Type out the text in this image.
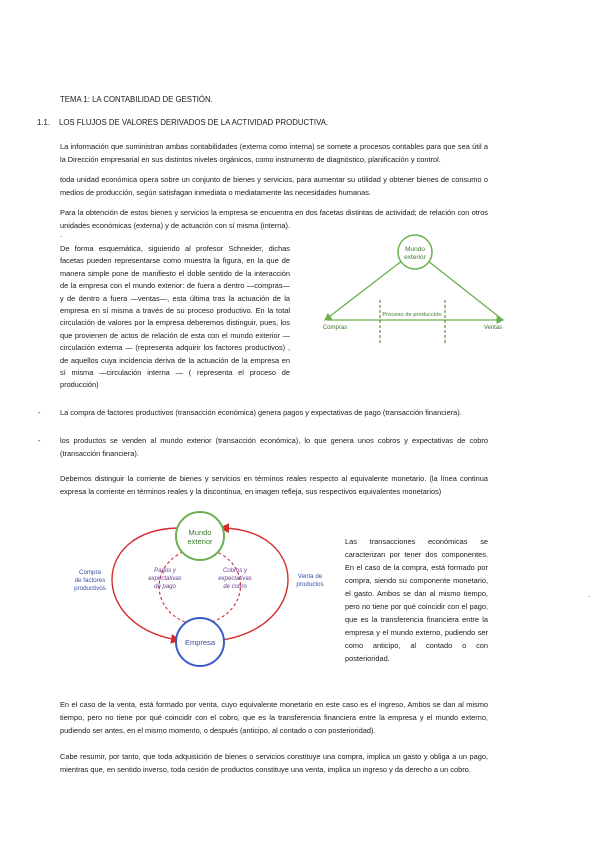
TEMA 1: LA CONTABILIDAD DE GESTIÓN.
1.1. LOS FLUJOS DE VALORES DERIVADOS DE LA ACTIVIDAD PRODUCTIVA.
La información que suministran ambas contabilidades (externa como interna) se somete a procesos contables para que sea útil a la Dirección empresarial en sus distintos niveles orgánicos, como instrumento de diagnóstico, planificación y control.
toda unidad económica opera sobre un conjunto de bienes y servicios, para aumentar su utilidad y obtener bienes de consumo o medios de producción, según satisfagan inmediata o mediatamente las necesidades humanas.
Para la obtención de estos bienes y servicios la empresa se encuentra en dos facetas distintas de actividad; de relación con otros unidades económicas (externa) y de actuación con sí misma (interna).
.
De forma esquemática, siguiendo al profesor Schneider, dichas facetas pueden representarse como muestra la figura, en la que de manera simple pone de manifiesto el doble sentido de la interacción de la empresa con el mundo exterior: de fuera a dentro —compras— y de dentro a fuera —ventas—, esta última tras la actuación de la empresa en sí misma a través de su proceso productivo. En la total circulación de valores por la empresa deberemos distinguir, pues, los que provienen de actos de relación de esta con el mundo exterior —circulación externa — (representa adquirir los factores productivos) , de aquellos cuya incidencia deriva de la actuación de la empresa en sí misma —circulación interna — ( representa el proceso de producción)
Mundo
exterior
Proceso de producción
Compras	Ventas
-	La compra de factores productivos (transacción económica) genera pagos y expectativas de pago (transacción financiera).
-	los productos se venden al mundo exterior (transacción económica), lo que genera unos cobros y expectativas de cobro (transacción financiera).
Debemos distinguir la corriente de bienes y servicios en términos reales respecto al equivalente monetario. (la línea continua expresa la corriente en términos reales y la discontinua, en imagen refleja, sus respectivos equivalentes monetarios)
Mundo
exterior
Empresa
Compra
de factores
productivos
Pagos y
expectativas
de pago
Cobros y
expectativas
de cobro
Venta de
productos
Las transacciones económicas se caracterizan por tener dos componentes. En el caso de la compra, está formado por compra, siendo su componente monetario, el gasto. Ambos se dan al mismo tiempo, pero no tiene por qué coincidir con el pago, que es la transferencia financiera entre la empresa y el mundo externo, pudiendo ser como anticipo, al contado o con posterioridad.
.
En el caso de la venta, está formado por venta, cuyo equivalente monetario en este caso es el ingreso, Ambos se dan al mismo tiempo, pero no tiene por qué coincidir con el cobro, que es la transferencia financiera entre la empresa y el mundo externo, pudiendo ser antes, en el mismo momento, o después (anticipo, al contado o con posterioridad).
Cabe resumir, por tanto, que toda adquisición de bienes o servicios constituye una compra, implica un gasto y obliga a un pago, mientras que, en sentido inverso, toda cesión de productos constituye una venta, implica un ingreso y da derecho a un cobro.
